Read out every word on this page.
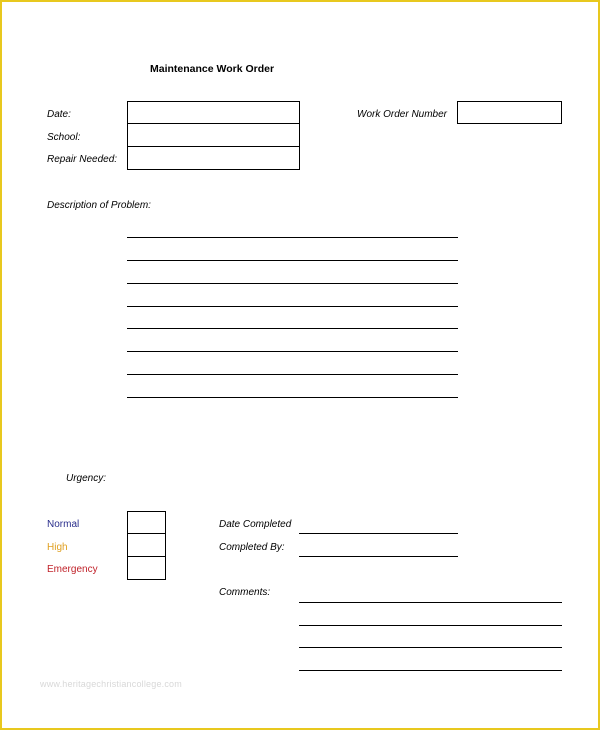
Maintenance Work Order
Date:
School:
Repair Needed:
Work Order Number
Description of Problem:
Urgency:
Normal
High
Emergency
Date Completed
Completed By:
Comments:
www.heritagechristiancollege.com
